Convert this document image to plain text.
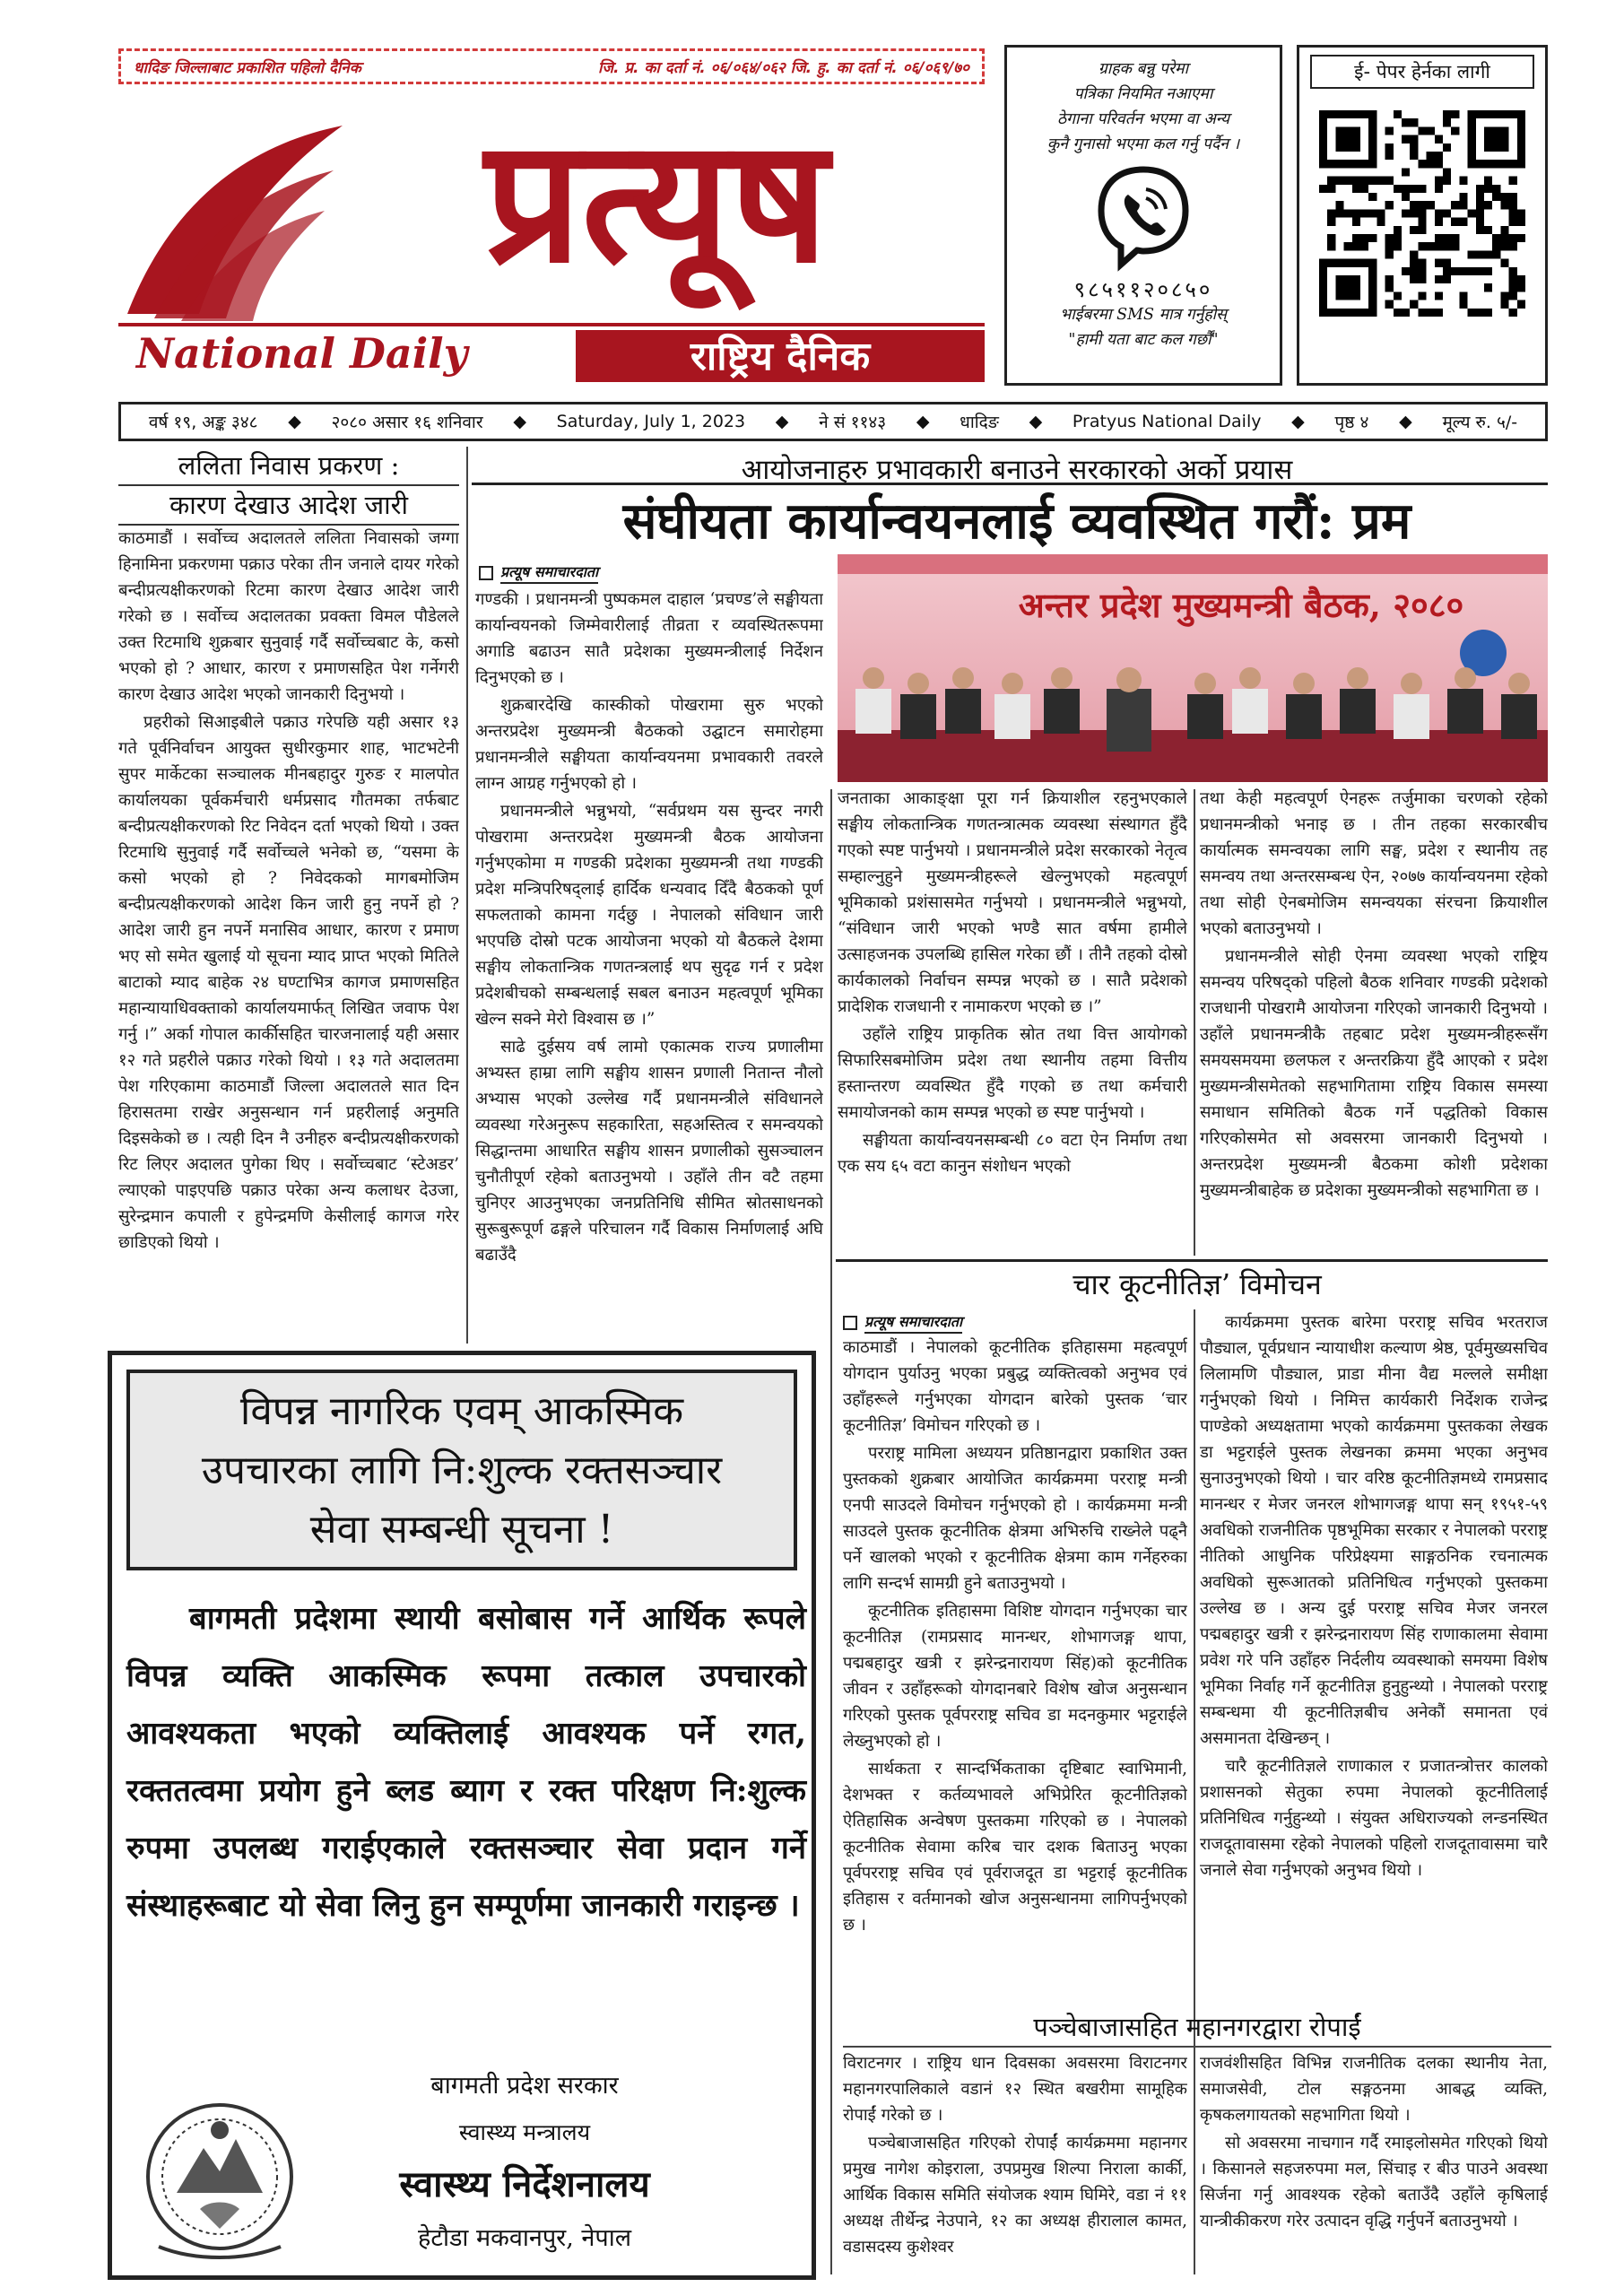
धादिङ जिल्लाबाट प्रकाशित पहिलो दैनिक	जि. प्र. का दर्ता नं. ०६/०६४/०६२ जि. हु. का दर्ता नं. ०६/०६९/७०
प्रत्यूष
National Daily	राष्ट्रिय दैनिक
ग्राहक बन्नु परेमा
पत्रिका नियमित नआएमा
ठेगाना परिवर्तन भएमा वा अन्य
कुनै गुनासो भएमा कल गर्नु पर्दैन ।
९८५११२०८५०
भाईबरमा SMS मात्र गर्नुहोस्
"हामी यता बाट कल गर्छौं"
ई- पेपर हेर्नका लागी
वर्ष १९, अङ्क ३४८ ◆ २०८० असार १६ शनिवार ◆ Saturday, July 1, 2023 ◆ ने सं ११४३ ◆ धादिङ ◆ Pratyus National Daily ◆ पृष्ठ ४ ◆ मूल्य रु. ५/-
ललिता निवास प्रकरण :
कारण देखाउ आदेश जारी

काठमाडौं । सर्वोच्च अदालतले ललिता निवासको जग्गा हिनामिना प्रकरणमा पक्राउ परेका तीन जनाले दायर गरेको बन्दीप्रत्यक्षीकरणको रिटमा कारण देखाउ आदेश जारी गरेको छ । सर्वोच्च अदालतका प्रवक्ता विमल पौडेलले उक्त रिटमाथि शुक्रबार सुनुवाई गर्दै सर्वोच्चबाट के, कसो भएको हो ? आधार, कारण र प्रमाणसहित पेश गर्नेगरी कारण देखाउ आदेश भएको जानकारी दिनुभयो ।

प्रहरीको सिआइबीले पक्राउ गरेपछि यही असार १३ गते पूर्वनिर्वाचन आयुक्त सुधीरकुमार शाह, भाटभटेनी सुपर मार्केटका सञ्चालक मीनबहादुर गुरुङ र मालपोत कार्यालयका पूर्वकर्मचारी धर्मप्रसाद गौतमका तर्फबाट बन्दीप्रत्यक्षीकरणको रिट निवेदन दर्ता भएको थियो । उक्त रिटमाथि सुनुवाई गर्दै सर्वोच्चले भनेको छ, “यसमा के कसो भएको हो ? निवेदकको मागबमोजिम बन्दीप्रत्यक्षीकरणको आदेश किन जारी हुनु नपर्ने हो ? आदेश जारी हुन नपर्ने मनासिव आधार, कारण र प्रमाण भए सो समेत खुलाई यो सूचना म्याद प्राप्त भएको मितिले बाटाको म्याद बाहेक २४ घण्टाभित्र कागज प्रमाणसहित महान्यायाधिवक्ताको कार्यालयमार्फत् लिखित जवाफ पेश गर्नु ।” अर्का गोपाल कार्कीसहित चारजनालाई यही असार १२ गते प्रहरीले पक्राउ गरेको थियो । १३ गते अदालतमा पेश गरिएकामा काठमाडौं जिल्ला अदालतले सात दिन हिरासतमा राखेर अनुसन्धान गर्न प्रहरीलाई अनुमति दिइसकेको छ । त्यही दिन नै उनीहरु बन्दीप्रत्यक्षीकरणको रिट लिएर अदालत पुगेका थिए । सर्वोच्चबाट ‘स्टेअडर’ ल्याएको पाइएपछि पक्राउ परेका अन्य कलाधर देउजा, सुरेन्द्रमान कपाली र हुपेन्द्रमणि केसीलाई कागज गरेर छाडिएको थियो ।

आयोजनाहरु प्रभावकारी बनाउने सरकारको अर्को प्रयास
संघीयता कार्यान्वयनलाई व्यवस्थित गरौं: प्रम
प्रत्यूष समाचारदाता

गण्डकी । प्रधानमन्त्री पुष्पकमल दाहाल ‘प्रचण्ड’ले सङ्घीयता कार्यान्वयनको जिम्मेवारीलाई तीव्रता र व्यवस्थितरूपमा अगाडि बढाउन सातै प्रदेशका मुख्यमन्त्रीलाई निर्देशन दिनुभएको छ ।

शुक्रबारदेखि कास्कीको पोखरामा सुरु भएको अन्तरप्रदेश मुख्यमन्त्री बैठकको उद्घाटन समारोहमा प्रधानमन्त्रीले सङ्घीयता कार्यान्वयनमा प्रभावकारी तवरले लाग्न आग्रह गर्नुभएको हो ।

प्रधानमन्त्रीले भन्नुभयो, “सर्वप्रथम यस सुन्दर नगरी पोखरामा अन्तरप्रदेश मुख्यमन्त्री बैठक आयोजना गर्नुभएकोमा म गण्डकी प्रदेशका मुख्यमन्त्री तथा गण्डकी प्रदेश मन्त्रिपरिषद्लाई हार्दिक धन्यवाद दिँदै बैठकको पूर्ण सफलताको कामना गर्दछु । नेपालको संविधान जारी भएपछि दोस्रो पटक आयोजना भएको यो बैठकले देशमा सङ्घीय लोकतान्त्रिक गणतन्त्रलाई थप सुदृढ गर्न र प्रदेश प्रदेशबीचको सम्बन्धलाई सबल बनाउन महत्वपूर्ण भूमिका खेल्न सक्ने मेरो विश्वास छ ।”

साढे दुईसय वर्ष लामो एकात्मक राज्य प्रणालीमा अभ्यस्त हाम्रा लागि सङ्घीय शासन प्रणाली नितान्त नौलो अभ्यास भएको उल्लेख गर्दै प्रधानमन्त्रीले संविधानले व्यवस्था गरेअनुरूप सहकारिता, सहअस्तित्व र समन्वयको सिद्धान्तमा आधारित सङ्घीय शासन प्रणालीको सुसञ्चालन चुनौतीपूर्ण रहेको बताउनुभयो । उहाँले तीन वटै तहमा चुनिएर आउनुभएका जनप्रतिनिधि सीमित स्रोतसाधनको सुरूबुरूपूर्ण ढङ्गले परिचालन गर्दै विकास निर्माणलाई अघि बढाउँदै

अन्तर प्रदेश मुख्यमन्त्री बैठक, २०८०

जनताका आकाङ्क्षा पूरा गर्न क्रियाशील रहनुभएकाले सङ्घीय लोकतान्त्रिक गणतन्त्रात्मक व्यवस्था संस्थागत हुँदै गएको स्पष्ट पार्नुभयो । प्रधानमन्त्रीले प्रदेश सरकारको नेतृत्व सम्हाल्नुहुने मुख्यमन्त्रीहरूले खेल्नुभएको महत्वपूर्ण भूमिकाको प्रशंसासमेत गर्नुभयो । प्रधानमन्त्रीले भन्नुभयो, “संविधान जारी भएको भण्डै सात वर्षमा हामीले उत्साहजनक उपलब्धि हासिल गरेका छौं । तीनै तहको दोस्रो कार्यकालको निर्वाचन सम्पन्न भएको छ । सातै प्रदेशको प्रादेशिक राजधानी र नामाकरण भएको छ ।”

उहाँले राष्ट्रिय प्राकृतिक स्रोत तथा वित्त आयोगको सिफारिसबमोजिम प्रदेश तथा स्थानीय तहमा वित्तीय हस्तान्तरण व्यवस्थित हुँदै गएको छ तथा कर्मचारी समायोजनको काम सम्पन्न भएको छ स्पष्ट पार्नुभयो ।

सङ्घीयता कार्यान्वयनसम्बन्धी ८० वटा ऐन निर्माण तथा एक सय ६५ वटा कानुन संशोधन भएको

तथा केही महत्वपूर्ण ऐनहरू तर्जुमाका चरणको रहेको प्रधानमन्त्रीको भनाइ छ । तीन तहका सरकारबीच कार्यात्मक समन्वयका लागि सङ्घ, प्रदेश र स्थानीय तह समन्वय तथा अन्तरसम्बन्ध ऐन, २०७७ कार्यान्वयनमा रहेको तथा सोही ऐनबमोजिम समन्वयका संरचना क्रियाशील भएको बताउनुभयो ।

प्रधानमन्त्रीले सोही ऐनमा व्यवस्था भएको राष्ट्रिय समन्वय परिषद्को पहिलो बैठक शनिवार गण्डकी प्रदेशको राजधानी पोखरामै आयोजना गरिएको जानकारी दिनुभयो । उहाँले प्रधानमन्त्रीकै तहबाट प्रदेश मुख्यमन्त्रीहरूसँग समयसमयमा छलफल र अन्तरक्रिया हुँदै आएको र प्रदेश मुख्यमन्त्रीसमेतको सहभागितामा राष्ट्रिय विकास समस्या समाधान समितिको बैठक गर्ने पद्धतिको विकास गरिएकोसमेत सो अवसरमा जानकारी दिनुभयो । अन्तरप्रदेश मुख्यमन्त्री बैठकमा कोशी प्रदेशका मुख्यमन्त्रीबाहेक छ प्रदेशका मुख्यमन्त्रीको सहभागिता छ ।

चार कूटनीतिज्ञ’ विमोचन
प्रत्यूष समाचारदाता

काठमाडौं । नेपालको कूटनीतिक इतिहासमा महत्वपूर्ण योगदान पुर्याउनु भएका प्रबुद्ध व्यक्तित्वको अनुभव एवं उहाँहरूले गर्नुभएका योगदान बारेको पुस्तक ‘चार कूटनीतिज्ञ’ विमोचन गरिएको छ ।

परराष्ट्र मामिला अध्ययन प्रतिष्ठानद्वारा प्रकाशित उक्त पुस्तकको शुक्रबार आयोजित कार्यक्रममा परराष्ट्र मन्त्री एनपी साउदले विमोचन गर्नुभएको हो । कार्यक्रममा मन्त्री साउदले पुस्तक कूटनीतिक क्षेत्रमा अभिरुचि राख्नेले पढ्नै पर्ने खालको भएको र कूटनीतिक क्षेत्रमा काम गर्नेहरुका लागि सन्दर्भ सामग्री हुने बताउनुभयो ।

कूटनीतिक इतिहासमा विशिष्ट योगदान गर्नुभएका चार कूटनीतिज्ञ (रामप्रसाद मानन्धर, शोभागजङ्ग थापा, पद्मबहादुर खत्री र झरेन्द्रनारायण सिंह)को कूटनीतिक जीवन र उहाँहरूको योगदानबारे विशेष खोज अनुसन्धान गरिएको पुस्तक पूर्वपरराष्ट्र सचिव डा मदनकुमार भट्टराईले लेख्नुभएको हो ।

सार्थकता र सान्दर्भिकताका दृष्टिबाट स्वाभिमानी, देशभक्त र कर्तव्यभावले अभिप्रेरित कूटनीतिज्ञको ऐतिहासिक अन्वेषण पुस्तकमा गरिएको छ । नेपालको कूटनीतिक सेवामा करिब चार दशक बिताउनु भएका पूर्वपरराष्ट्र सचिव एवं पूर्वराजदूत डा भट्टराई कूटनीतिक इतिहास र वर्तमानको खोज अनुसन्धानमा लागिपर्नुभएको छ ।

कार्यक्रममा पुस्तक बारेमा परराष्ट्र सचिव भरतराज पौड्याल, पूर्वप्रधान न्यायाधीश कल्याण श्रेष्ठ, पूर्वमुख्यसचिव लिलामणि पौड्याल, प्राडा मीना वैद्य मल्लले समीक्षा गर्नुभएको थियो । निमित्त कार्यकारी निर्देशक राजेन्द्र पाण्डेको अध्यक्षतामा भएको कार्यक्रममा पुस्तकका लेखक डा भट्टराईले पुस्तक लेखनका क्रममा भएका अनुभव सुनाउनुभएको थियो । चार वरिष्ठ कूटनीतिज्ञमध्ये रामप्रसाद मानन्धर र मेजर जनरल शोभागजङ्ग थापा सन् १९५१-५९ अवधिको राजनीतिक पृष्ठभूमिका सरकार र नेपालको परराष्ट्र नीतिको आधुनिक परिप्रेक्ष्यमा साङ्गठनिक रचनात्मक अवधिको सुरूआतको प्रतिनिधित्व गर्नुभएको पुस्तकमा उल्लेख छ । अन्य दुई परराष्ट्र सचिव मेजर जनरल पद्मबहादुर खत्री र झरेन्द्रनारायण सिंह राणाकालमा सेवामा प्रवेश गरे पनि उहाँहरु निर्दलीय व्यवस्थाको समयमा विशेष भूमिका निर्वाह गर्ने कूटनीतिज्ञ हुनुहुन्थ्यो । नेपालको परराष्ट्र सम्बन्धमा यी कूटनीतिज्ञबीच अनेकौं समानता एवं असमानता देखिन्छन् ।

चारै कूटनीतिज्ञले राणाकाल र प्रजातन्त्रोत्तर कालको प्रशासनको सेतुका रुपमा नेपालको कूटनीतिलाई प्रतिनिधित्व गर्नुहुन्थ्यो । संयुक्त अधिराज्यको लन्डनस्थित राजदूतावासमा रहेको नेपालको पहिलो राजदूतावासमा चारै जनाले सेवा गर्नुभएको अनुभव थियो ।

पञ्चेबाजासहित महानगरद्वारा रोपाईं

विराटनगर । राष्ट्रिय धान दिवसका अवसरमा विराटनगर महानगरपालिकाले वडानं १२ स्थित बखरीमा सामूहिक रोपाईं गरेको छ ।

पञ्चेबाजासहित गरिएको रोपाईं कार्यक्रममा महानगर प्रमुख नागेश कोइराला, उपप्रमुख शिल्पा निराला कार्की, आर्थिक विकास समिति संयोजक श्याम घिमिरे, वडा नं ११ अध्यक्ष तीर्थेन्द्र नेउपाने, १२ का अध्यक्ष हीरालाल कामत, वडासदस्य कुशेश्वर

राजवंशीसहित विभिन्न राजनीतिक दलका स्थानीय नेता, समाजसेवी, टोल सङ्गठनमा आबद्ध व्यक्ति, कृषकलगायतको सहभागिता थियो ।

सो अवसरमा नाचगान गर्दै रमाइलोसमेत गरिएको थियो । किसानले सहजरुपमा मल, सिंचाइ र बीउ पाउने अवस्था सिर्जना गर्नु आवश्यक रहेको बताउँदै उहाँले कृषिलाई यान्त्रीकीकरण गरेर उत्पादन वृद्धि गर्नुपर्ने बताउनुभयो ।

विपन्न नागरिक एवम् आकस्मिक
उपचारका लागि नि:शुल्क रक्तसञ्चार
सेवा सम्बन्धी सूचना !
बागमती प्रदेशमा स्थायी बसोबास गर्ने आर्थिक रूपले विपन्न व्यक्ति आकस्मिक रूपमा तत्काल उपचारको आवश्यकता भएको व्यक्तिलाई आवश्यक पर्ने रगत, रक्ततत्वमा प्रयोग हुने ब्लड ब्याग र रक्त परिक्षण नि:शुल्क रुपमा उपलब्ध गराईएकाले रक्तसञ्चार सेवा प्रदान गर्ने संस्थाहरूबाट यो सेवा लिनु हुन सम्पूर्णमा जानकारी गराइन्छ ।
बागमती प्रदेश सरकार
स्वास्थ्य मन्त्रालय
स्वास्थ्य निर्देशनालय
हेटौडा मकवानपुर, नेपाल
